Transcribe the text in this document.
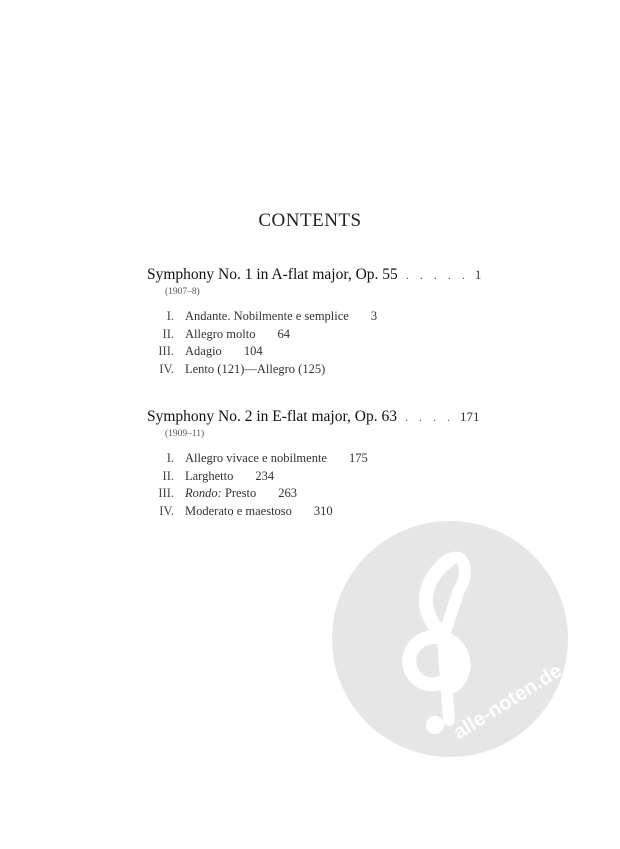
CONTENTS
Symphony No. 1 in A-flat major, Op. 55 . . . . . 1
(1907–8)
I. Andante. Nobilmente e semplice 3
II. Allegro molto 64
III. Adagio 104
IV. Lento (121)—Allegro (125)
Symphony No. 2 in E-flat major, Op. 63 . . . . 171
(1909–11)
I. Allegro vivace e nobilmente 175
II. Larghetto 234
III. Rondo: Presto 263
IV. Moderato e maestoso 310
alle-noten.de
